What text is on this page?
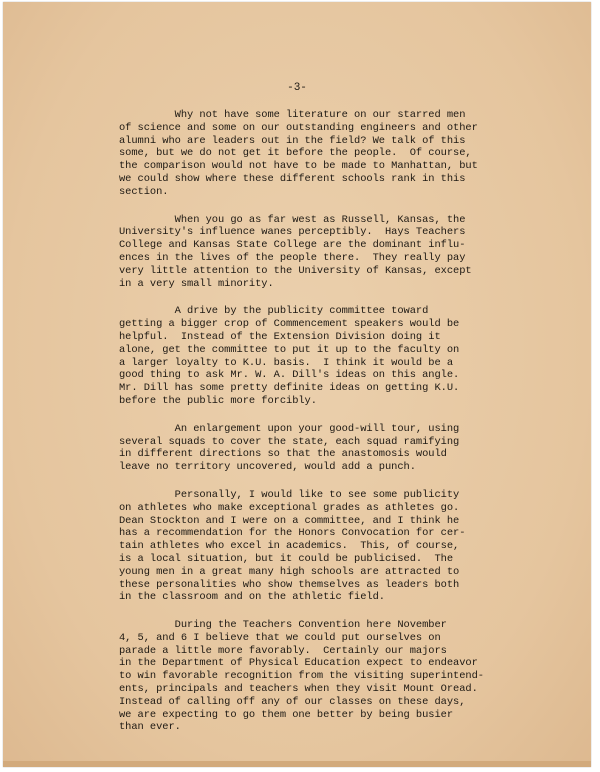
-3-
Why not have some literature on our starred men
of science and some on our outstanding engineers and other
alumni who are leaders out in the field? We talk of this
some, but we do not get it before the people.  Of course,
the comparison would not have to be made to Manhattan, but
we could show where these different schools rank in this
section.
When you go as far west as Russell, Kansas, the
University's influence wanes perceptibly.  Hays Teachers
College and Kansas State College are the dominant influ-
ences in the lives of the people there.  They really pay
very little attention to the University of Kansas, except
in a very small minority.
A drive by the publicity committee toward
getting a bigger crop of Commencement speakers would be
helpful.  Instead of the Extension Division doing it
alone, get the committee to put it up to the faculty on
a larger loyalty to K.U. basis.  I think it would be a
good thing to ask Mr. W. A. Dill's ideas on this angle.
Mr. Dill has some pretty definite ideas on getting K.U.
before the public more forcibly.
An enlargement upon your good-will tour, using
several squads to cover the state, each squad ramifying
in different directions so that the anastomosis would
leave no territory uncovered, would add a punch.
Personally, I would like to see some publicity
on athletes who make exceptional grades as athletes go.
Dean Stockton and I were on a committee, and I think he
has a recommendation for the Honors Convocation for cer-
tain athletes who excel in academics.  This, of course,
is a local situation, but it could be publicised.  The
young men in a great many high schools are attracted to
these personalities who show themselves as leaders both
in the classroom and on the athletic field.
During the Teachers Convention here November
4, 5, and 6 I believe that we could put ourselves on
parade a little more favorably.  Certainly our majors
in the Department of Physical Education expect to endeavor
to win favorable recognition from the visiting superintend-
ents, principals and teachers when they visit Mount Oread.
Instead of calling off any of our classes on these days,
we are expecting to go them one better by being busier
than ever.
